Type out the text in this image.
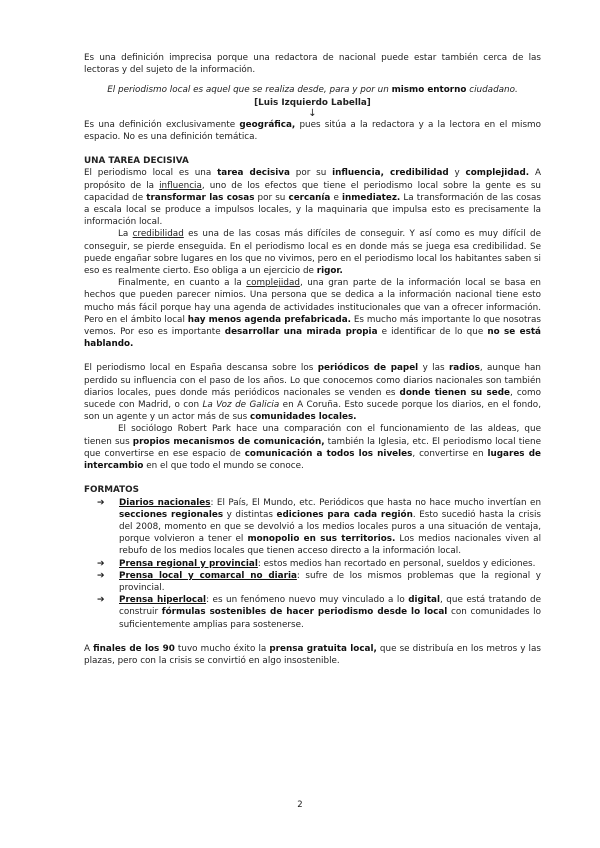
Es una definición imprecisa porque una redactora de nacional puede estar también cerca de las lectoras y del sujeto de la información.

El periodismo local es aquel que se realiza desde, para y por un mismo entorno ciudadano.

[Luis Izquierdo Labella]

↓

Es una definición exclusivamente geográfica, pues sitúa a la redactora y a la lectora en el mismo espacio. No es una definición temática.

UNA TAREA DECISIVA

El periodismo local es una tarea decisiva por su influencia, credibilidad y complejidad. A propósito de la influencia, uno de los efectos que tiene el periodismo local sobre la gente es su capacidad de transformar las cosas por su cercanía e inmediatez. La transformación de las cosas a escala local se produce a impulsos locales, y la maquinaria que impulsa esto es precisamente la información local.

La credibilidad es una de las cosas más difíciles de conseguir. Y así como es muy difícil de conseguir, se pierde enseguida. En el periodismo local es en donde más se juega esa credibilidad. Se puede engañar sobre lugares en los que no vivimos, pero en el periodismo local los habitantes saben si eso es realmente cierto. Eso obliga a un ejercicio de rigor.

Finalmente, en cuanto a la complejidad, una gran parte de la información local se basa en hechos que pueden parecer nimios. Una persona que se dedica a la información nacional tiene esto mucho más fácil porque hay una agenda de actividades institucionales que van a ofrecer información. Pero en el ámbito local hay menos agenda prefabricada. Es mucho más importante lo que nosotras vemos. Por eso es importante desarrollar una mirada propia e identificar de lo que no se está hablando.

El periodismo local en España descansa sobre los periódicos de papel y las radios, aunque han perdido su influencia con el paso de los años. Lo que conocemos como diarios nacionales son también diarios locales, pues donde más periódicos nacionales se venden es donde tienen su sede, como sucede con Madrid, o con La Voz de Galicia en A Coruña. Esto sucede porque los diarios, en el fondo, son un agente y un actor más de sus comunidades locales.

El sociólogo Robert Park hace una comparación con el funcionamiento de las aldeas, que tienen sus propios mecanismos de comunicación, también la Iglesia, etc. El periodismo local tiene que convertirse en ese espacio de comunicación a todos los niveles, convertirse en lugares de intercambio en el que todo el mundo se conoce.

FORMATOS
➔ Diarios nacionales: El País, El Mundo, etc. Periódicos que hasta no hace mucho invertían en secciones regionales y distintas ediciones para cada región. Esto sucedió hasta la crisis del 2008, momento en que se devolvió a los medios locales puros a una situación de ventaja, porque volvieron a tener el monopolio en sus territorios. Los medios nacionales viven al rebufo de los medios locales que tienen acceso directo a la información local.
➔ Prensa regional y provincial: estos medios han recortado en personal, sueldos y ediciones.
➔ Prensa local y comarcal no diaria: sufre de los mismos problemas que la regional y provincial.
➔ Prensa hiperlocal: es un fenómeno nuevo muy vinculado a lo digital, que está tratando de construir fórmulas sostenibles de hacer periodismo desde lo local con comunidades lo suficientemente amplias para sostenerse.

A finales de los 90 tuvo mucho éxito la prensa gratuita local, que se distribuía en los metros y las plazas, pero con la crisis se convirtió en algo insostenible.

2
